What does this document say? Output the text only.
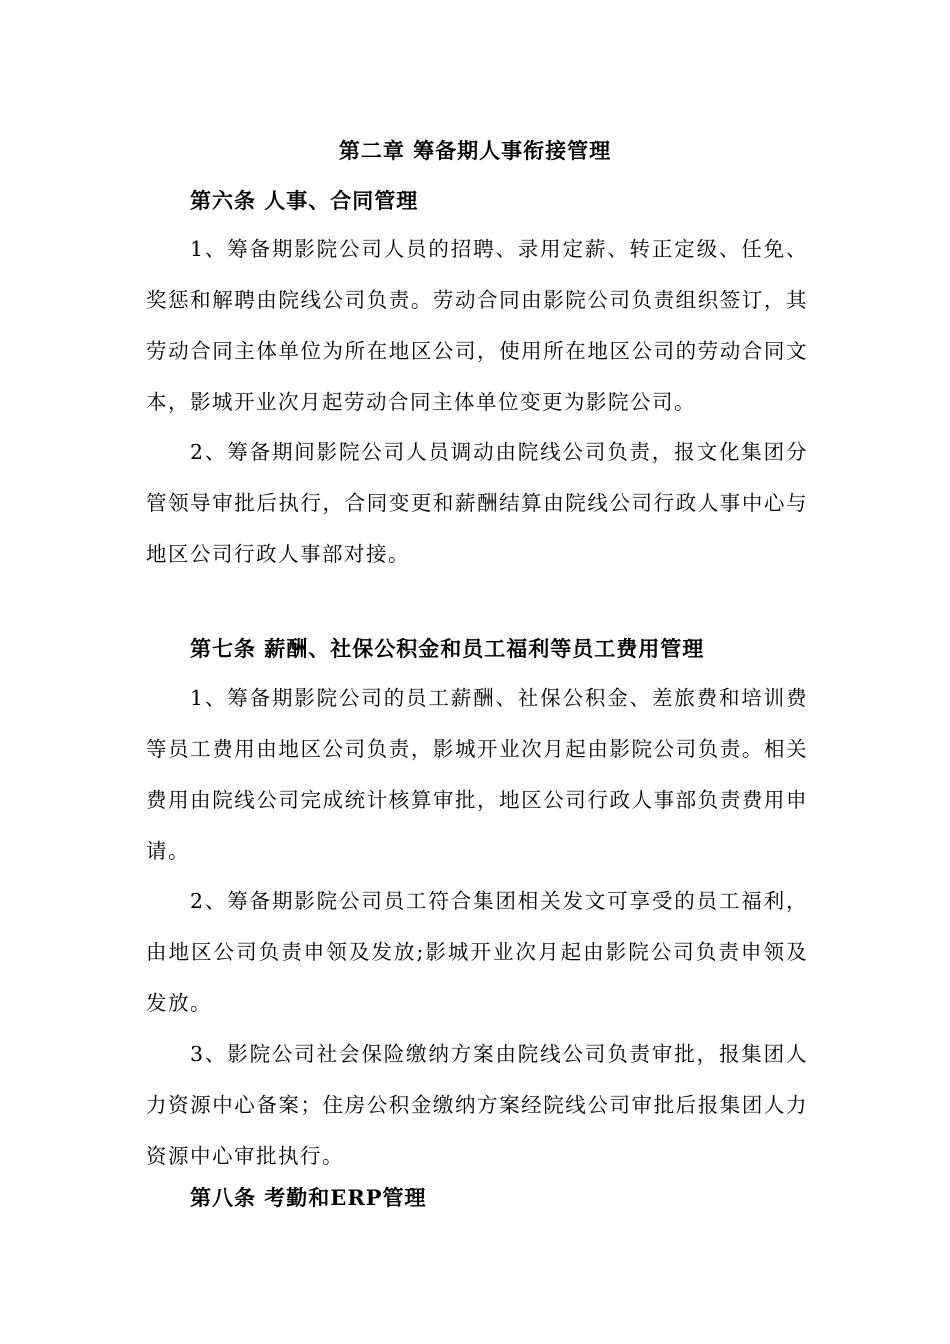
第二章 筹备期人事衔接管理
第六条 人事、合同管理

1、筹备期影院公司人员的招聘、录用定薪、转正定级、任免、奖惩和解聘由院线公司负责。劳动合同由影院公司负责组织签订，其劳动合同主体单位为所在地区公司，使用所在地区公司的劳动合同文本，影城开业次月起劳动合同主体单位变更为影院公司。

2、筹备期间影院公司人员调动由院线公司负责，报文化集团分管领导审批后执行，合同变更和薪酬结算由院线公司行政人事中心与地区公司行政人事部对接。

第七条 薪酬、社保公积金和员工福利等员工费用管理

1、筹备期影院公司的员工薪酬、社保公积金、差旅费和培训费等员工费用由地区公司负责，影城开业次月起由影院公司负责。相关费用由院线公司完成统计核算审批，地区公司行政人事部负责费用申请。

2、筹备期影院公司员工符合集团相关发文可享受的员工福利，由地区公司负责申领及发放;影城开业次月起由影院公司负责申领及发放。

3、影院公司社会保险缴纳方案由院线公司负责审批，报集团人力资源中心备案；住房公积金缴纳方案经院线公司审批后报集团人力资源中心审批执行。

第八条 考勤和ERP管理
